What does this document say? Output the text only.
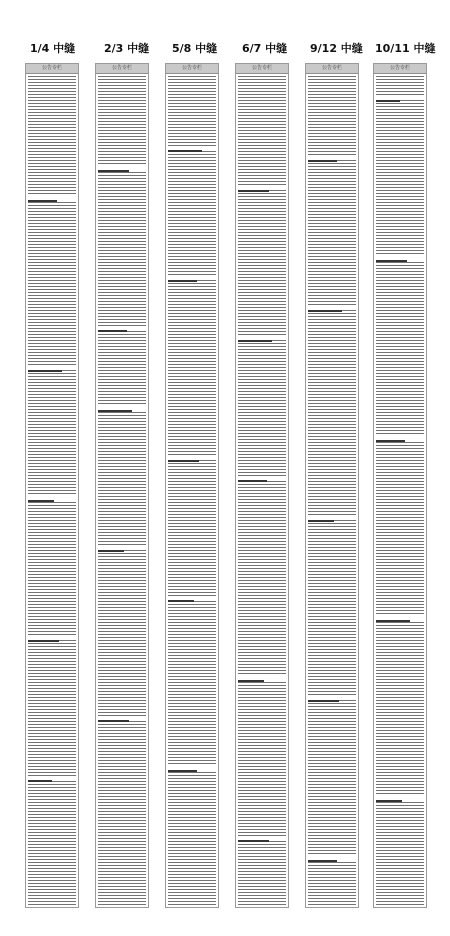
1/4 中缝	2/3 中缝 5/8 中缝 6/7 中缝 9/12 中缝 10/11 中缝
公告专栏	公告专栏	公告专栏	公告专栏	公告专栏	公告专栏
